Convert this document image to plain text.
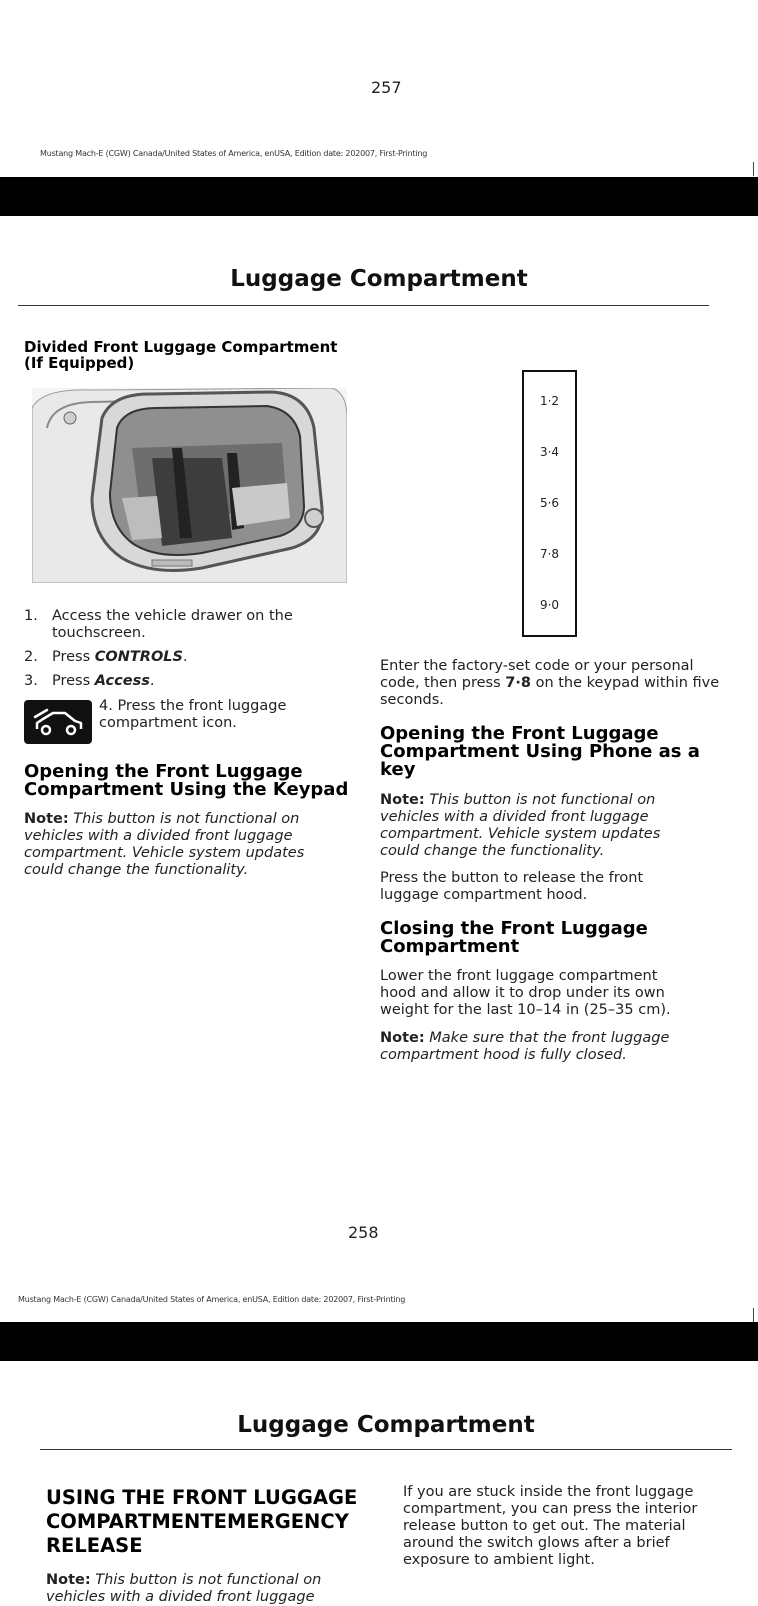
257
Mustang Mach-E (CGW) Canada/United States of America, enUSA, Edition date: 202007, First-Printing
Luggage Compartment
Divided Front Luggage Compartment
(If Equipped)
1. Access the vehicle drawer on the touchscreen.
2. Press CONTROLS.
3. Press Access.
4. Press the front luggage compartment icon.
Opening the Front Luggage Compartment Using the Keypad
Note: This button is not functional on vehicles with a divided front luggage compartment. Vehicle system updates could change the functionality.
1·2
3·4
5·6
7·8
9·0
Enter the factory-set code or your personal code, then press 7·8 on the keypad within five seconds.
Opening the Front Luggage Compartment Using Phone as a key
Note: This button is not functional on vehicles with a divided front luggage compartment. Vehicle system updates could change the functionality.
Press the button to release the front luggage compartment hood.
Closing the Front Luggage Compartment
Lower the front luggage compartment hood and allow it to drop under its own weight for the last 10–14 in (25–35 cm).
Note: Make sure that the front luggage compartment hood is fully closed.
258
Mustang Mach-E (CGW) Canada/United States of America, enUSA, Edition date: 202007, First-Printing
Luggage Compartment
USING THE FRONT LUGGAGE COMPARTMENTEMERGENCY RELEASE
Note: This button is not functional on vehicles with a divided front luggage
If you are stuck inside the front luggage compartment, you can press the interior release button to get out. The material around the switch glows after a brief exposure to ambient light.
